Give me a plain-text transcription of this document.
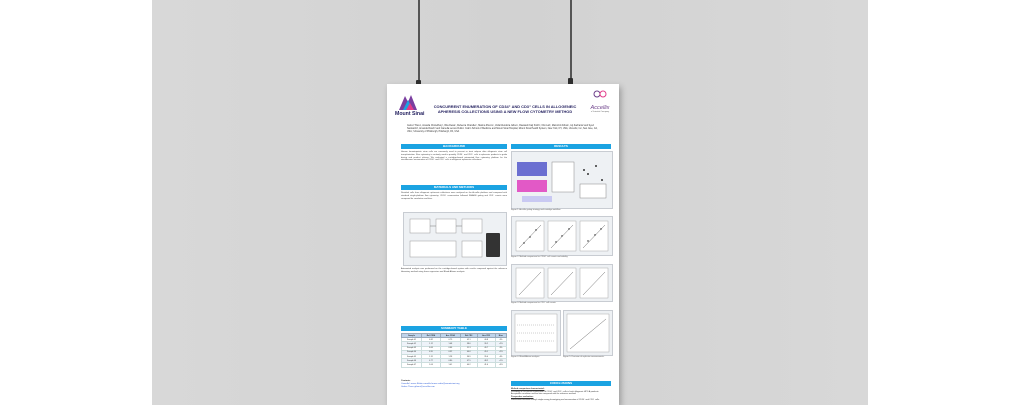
Mount Sinai
CONCURRENT ENUMERATION OF CD34⁺ AND CD3⁺ CELLS IN ALLOGENEIC APHERESIS COLLECTIONS USING A NEW FLOW CYTOMETRY METHOD
Gulrez Tharu¹, Ananda Chowdhury¹, Rita Desai¹, Rebecca Chandler¹, Marina Zhurov¹, Vella Mendoza Jullien¹, Rawsanli Kaji Smith¹, Nilo Lall¹, Mamdi Al Alhout¹, Liji Zacharia³ and Syed Sankarshi³, Amanda Rosch³ and Camella Leroux Rubio¹ ¹Icahn School of Medicine and Mount Sinai Hospital, Mount Sinai Health System, New York, NY, USA; ²Accellix, Inc, San Jose, CA, USA; ³University of Pittsburgh, Pittsburgh, PA, USA
Accellix
a Scientist Company
BACKGROUND
Human hematopoietic stem cells are commonly used to prevent or treat relapse after allogeneic stem cell transplantation. Flow cytometry is routinely used to quantify CD34⁺ and CD3⁺ cells in apheresis products to guide dosing and product release. We evaluated a cartridge-based automated flow cytometry platform for the simultaneous enumeration of CD34⁺ and CD3⁺ cells in allogeneic apheresis collections.
MATERIALS AND METHODS
Residual cells from allogeneic apheresis collections were analyzed on the Accellix platform and compared with standard single-platform flow cytometry. CD34⁺ enumeration followed ISHAGE gating and CD3⁺ counts were compared for correlation and bias.
Automated analysis was performed on the cartridge-based system with results compared against the reference laboratory method using linear regression and Bland-Altman analysis.
SUMMARY TABLE
Sample	Ref CD34	Acc CD34	Ref CD3	Acc CD3	Bias
Sample 01	0.82	0.79	42.1	40.8	-3%
Sample 02	1.12	1.08	38.6	39.2	+2%
Sample 03	0.64	0.66	51.3	49.7	-3%
Sample 04	0.95	0.92	44.0	45.1	+2%
Sample 05	1.31	1.28	36.9	35.4	-4%
Sample 06	0.77	0.80	47.5	48.2	+1%
Sample 07	1.04	1.01	40.2	41.6	+3%
Contacts
Camella Leroux Rubio camella.leroux-rubio@mountsinai.org
Gulrez Tharu gtharu@accellix.com
RESULTS
Figure 1: Accellix gating strategy and cartridge workflow.
Figure 2: Method comparison for CD34⁺ cell counts and viability.
Figure 3: Method comparison for CD3⁺ cell counts.
Figure 4: Bland-Altman analysis.	Figure 5: Precision of replicate measurements.
CONCLUSIONS
Method comparison demonstrated:
Feasibility of concurrent enumeration of CD34⁺ and CD3⁺ cells in fresh allogeneic HPC-A products.
Acceptable correlation and low bias compared with the reference method.
Prospective evaluation:
Streamlined workflow through single-assay phenotyping and enumeration of CD34⁺ and CD3⁺ cells.
